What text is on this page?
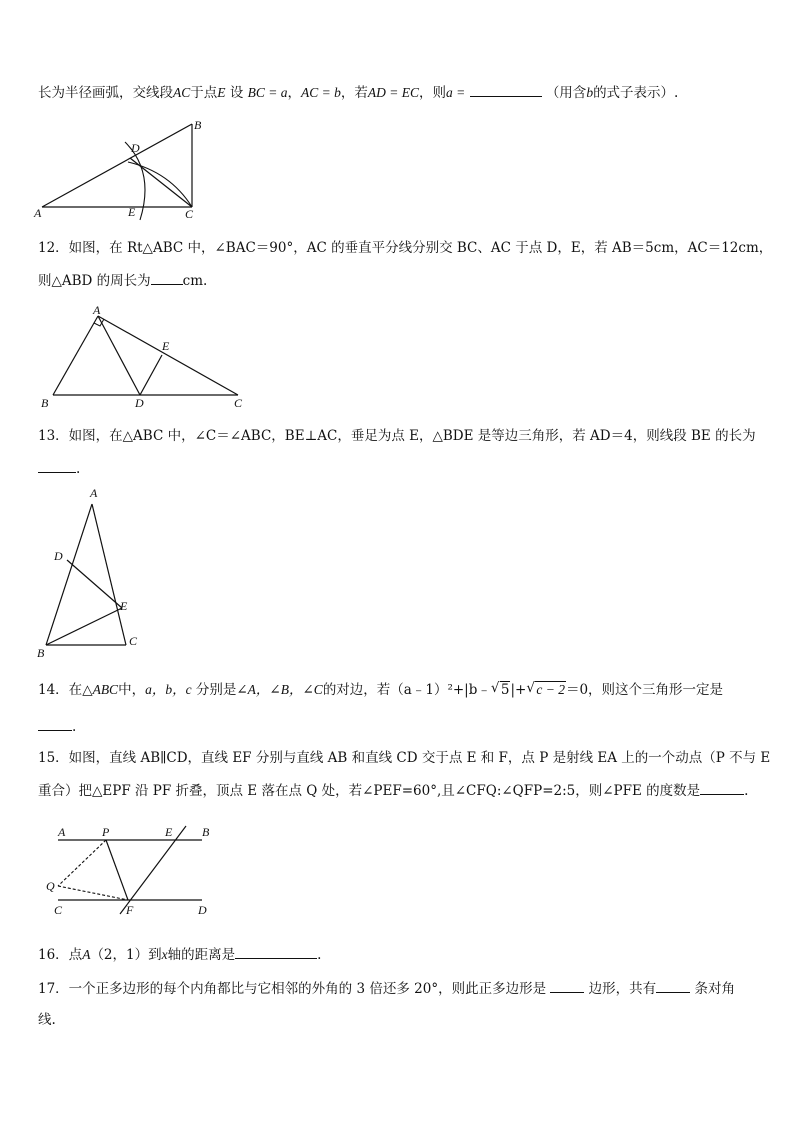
长为半径画弧，交线段AC于点E 设 BC = a，AC = b，若AD = EC，则a =	（用含b的式子表示）.
A
B
C
D
E
12．如图，在 Rt△ABC 中，∠BAC＝90°，AC 的垂直平分线分别交 BC、AC 于点 D，E，若 AB＝5cm，AC＝12cm，
则△ABD 的周长为 cm.
A
B	C
D
E
13．如图，在△ABC 中，∠C＝∠ABC，BE⊥AC，垂足为点 E，△BDE 是等边三角形，若 AD＝4，则线段 BE 的长为
.
A
D
E
B
C
14．在△ABC中，a，b，c 分别是∠A，∠B，∠C的对边，若（a﹣1）²+|b﹣ √ 5|+ √ c − 2＝0，则这个三角形一定是
.
15．如图，直线 AB∥CD，直线 EF 分别与直线 AB 和直线 CD 交于点 E 和 F，点 P 是射线 EA 上的一个动点（P 不与 E
重合）把△EPF 沿 PF 折叠，顶点 E 落在点 Q 处，若∠PEF=60°,且∠CFQ:∠QFP=2:5，则∠PFE 的度数是	.
A	P	E B
Q
C	F	D
16．点A（2，1）到x轴的距离是	.
17．一个正多边形的每个内角都比与它相邻的外角的 3 倍还多 20°，则此正多边形是	边形，共有	条对角
线.
